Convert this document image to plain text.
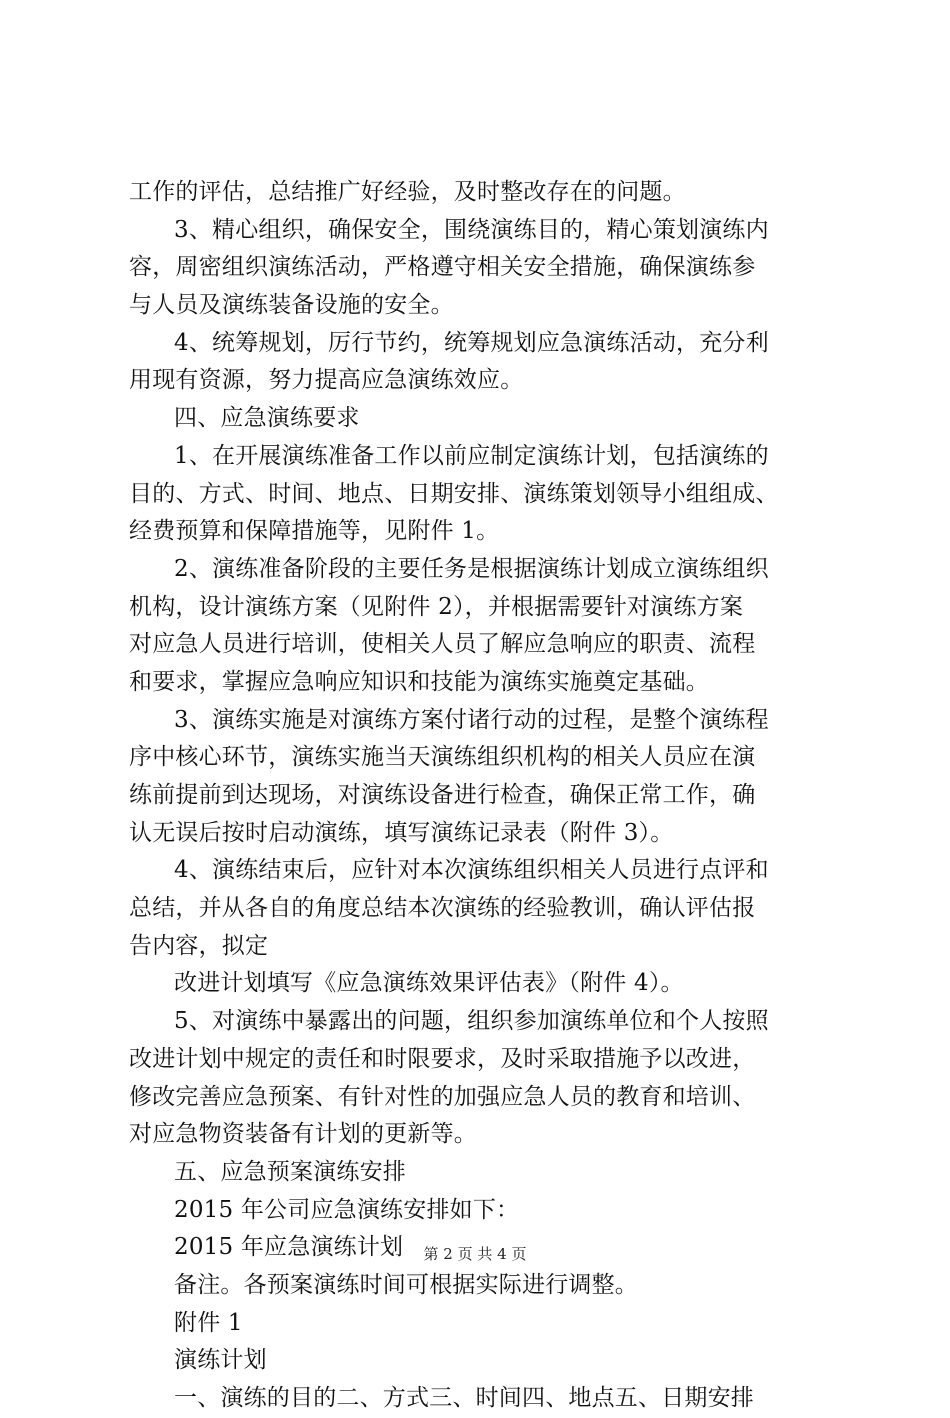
工作的评估，总结推广好经验，及时整改存在的问题。
3、精心组织，确保安全，围绕演练目的，精心策划演练内
容，周密组织演练活动，严格遵守相关安全措施，确保演练参
与人员及演练装备设施的安全。
4、统筹规划，厉行节约，统筹规划应急演练活动，充分利
用现有资源，努力提高应急演练效应。
四、应急演练要求
1、在开展演练准备工作以前应制定演练计划，包括演练的
目的、方式、时间、地点、日期安排、演练策划领导小组组成、
经费预算和保障措施等，见附件 1。
2、演练准备阶段的主要任务是根据演练计划成立演练组织
机构，设计演练方案（见附件 2），并根据需要针对演练方案
对应急人员进行培训，使相关人员了解应急响应的职责、流程
和要求，掌握应急响应知识和技能为演练实施奠定基础。
3、演练实施是对演练方案付诸行动的过程，是整个演练程
序中核心环节，演练实施当天演练组织机构的相关人员应在演
练前提前到达现场，对演练设备进行检查，确保正常工作，确
认无误后按时启动演练，填写演练记录表（附件 3）。
4、演练结束后，应针对本次演练组织相关人员进行点评和
总结，并从各自的角度总结本次演练的经验教训，确认评估报
告内容，拟定
改进计划填写《应急演练效果评估表》（附件 4）。
5、对演练中暴露出的问题，组织参加演练单位和个人按照
改进计划中规定的责任和时限要求，及时采取措施予以改进，
修改完善应急预案、有针对性的加强应急人员的教育和培训、
对应急物资装备有计划的更新等。
五、应急预案演练安排
2015 年公司应急演练安排如下：
2015 年应急演练计划
备注。各预案演练时间可根据实际进行调整。
附件 1
演练计划
一、演练的目的二、方式三、时间四、地点五、日期安排
第 2 页 共 4 页
